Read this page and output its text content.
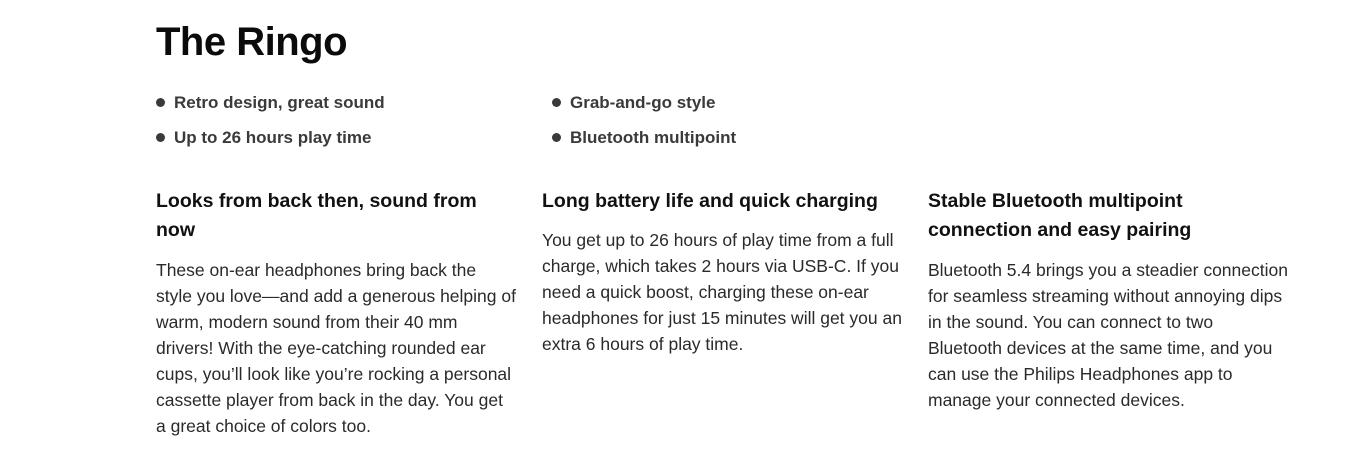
The Ringo
Retro design, great sound	Grab-and-go style
Up to 26 hours play time	Bluetooth multipoint
Looks from back then, sound from now

These on-ear headphones bring back the style you love—and add a generous helping of warm, modern sound from their 40 mm drivers! With the eye-catching rounded ear cups, you’ll look like you’re rocking a personal cassette player from back in the day. You get a great choice of colors too.

Long battery life and quick charging

You get up to 26 hours of play time from a full charge, which takes 2 hours via USB-C. If you need a quick boost, charging these on-ear headphones for just 15 minutes will get you an extra 6 hours of play time.

Stable Bluetooth multipoint connection and easy pairing

Bluetooth 5.4 brings you a steadier connection for seamless streaming without annoying dips in the sound. You can connect to two Bluetooth devices at the same time, and you can use the Philips Headphones app to manage your connected devices.
